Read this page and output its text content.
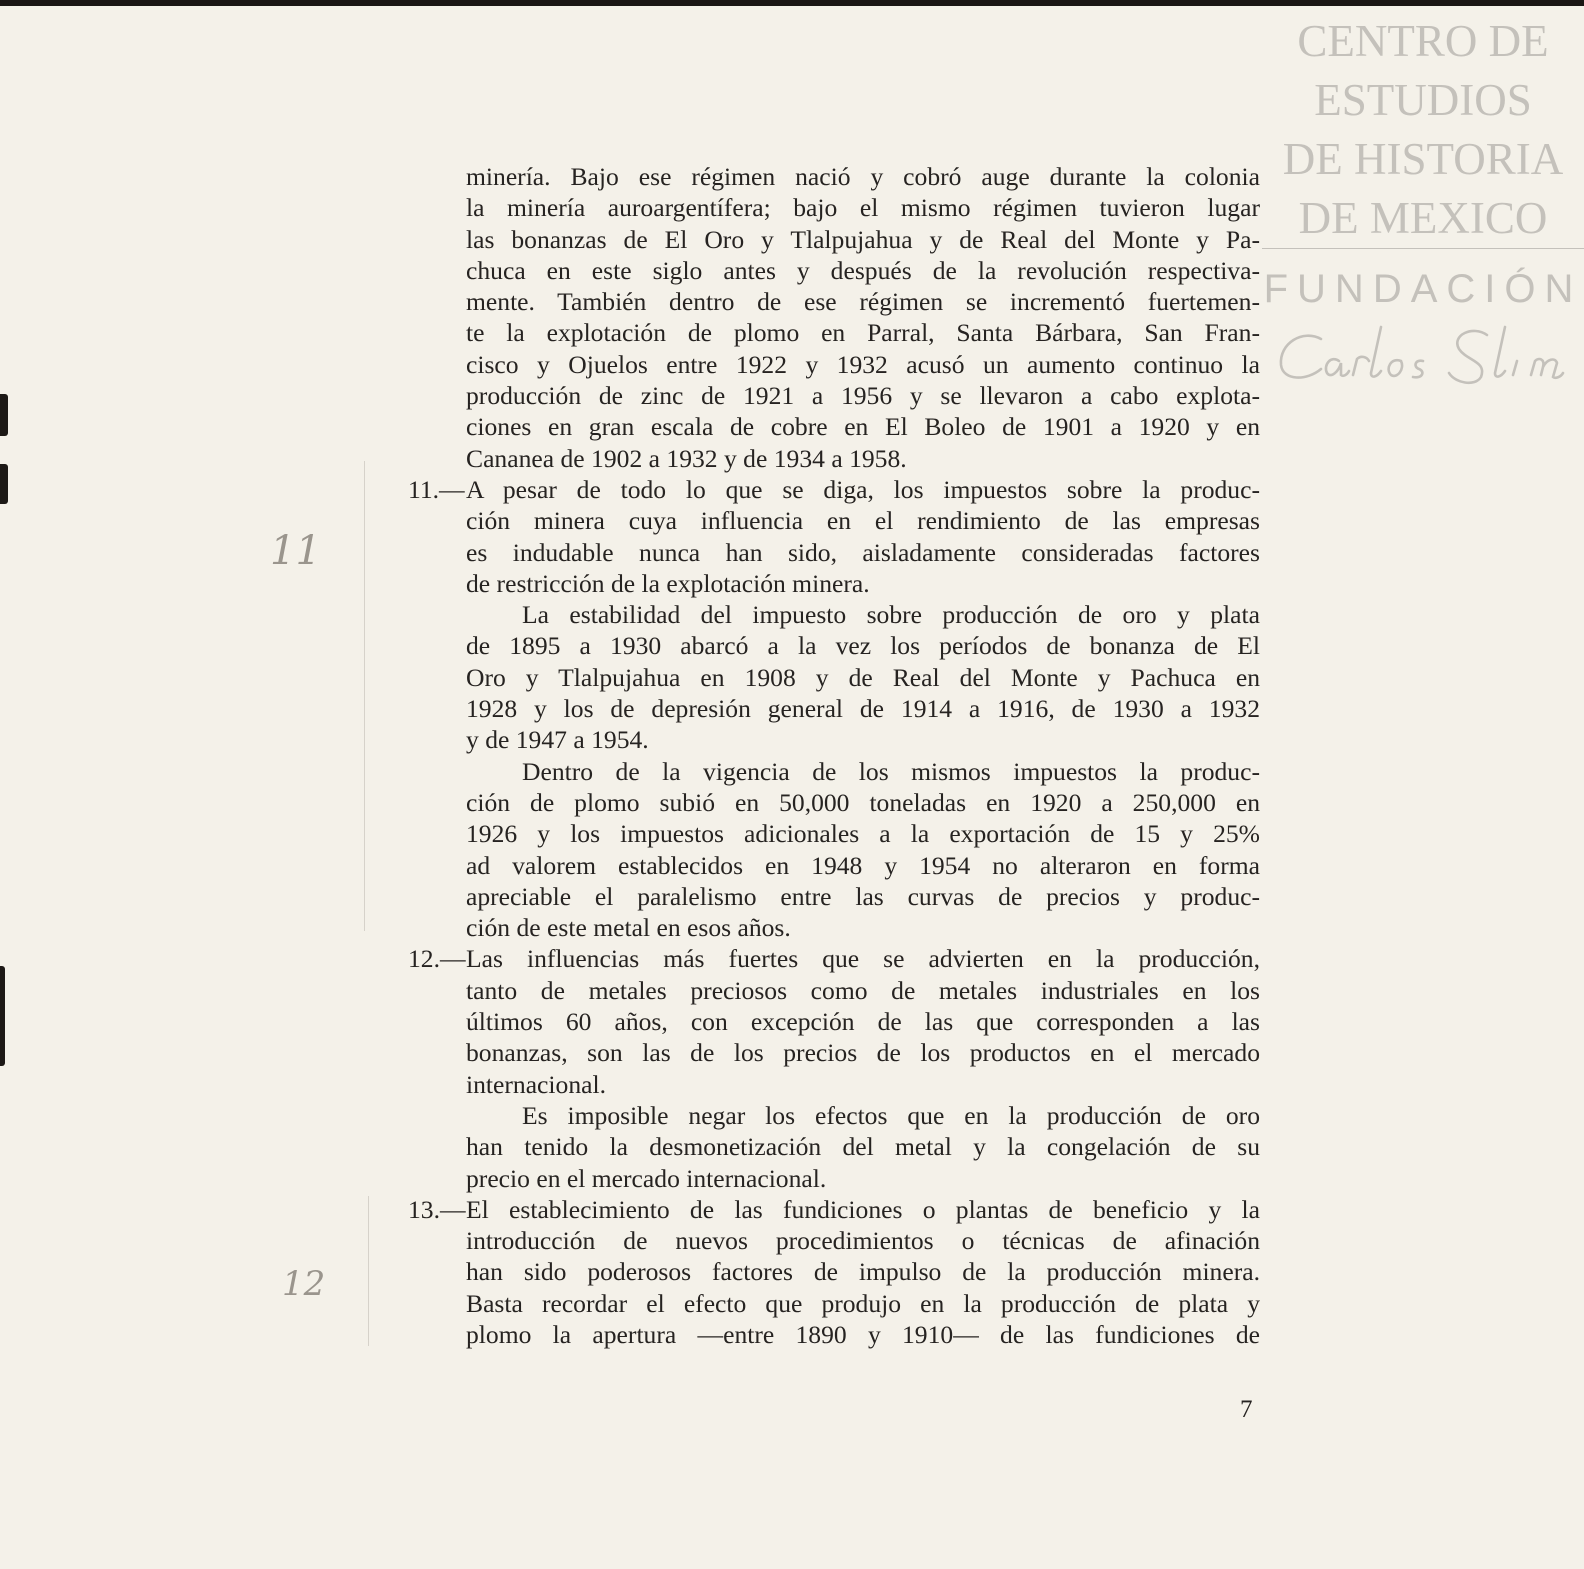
CENTRO DE
ESTUDIOS
DE HISTORIA
DE MEXICO
FUNDACIÓN
11
12

minería. Bajo ese régimen nació y cobró auge durante la colonia

la minería auroargentífera; bajo el mismo régimen tuvieron lugar

las bonanzas de El Oro y Tlalpujahua y de Real del Monte y Pa-

chuca en este siglo antes y después de la revolución respectiva-

mente. También dentro de ese régimen se incrementó fuertemen-

te la explotación de plomo en Parral, Santa Bárbara, San Fran-

cisco y Ojuelos entre 1922 y 1932 acusó un aumento continuo la

producción de zinc de 1921 a 1956 y se llevaron a cabo explota-

ciones en gran escala de cobre en El Boleo de 1901 a 1920 y en

Cananea de 1902 a 1932 y de 1934 a 1958.

11.—A pesar de todo lo que se diga, los impuestos sobre la produc-

ción minera cuya influencia en el rendimiento de las empresas

es indudable nunca han sido, aisladamente consideradas factores

de restricción de la explotación minera.

La estabilidad del impuesto sobre producción de oro y plata

de 1895 a 1930 abarcó a la vez los períodos de bonanza de El

Oro y Tlalpujahua en 1908 y de Real del Monte y Pachuca en

1928 y los de depresión general de 1914 a 1916, de 1930 a 1932

y de 1947 a 1954.

Dentro de la vigencia de los mismos impuestos la produc-

ción de plomo subió en 50,000 toneladas en 1920 a 250,000 en

1926 y los impuestos adicionales a la exportación de 15 y 25%

ad valorem establecidos en 1948 y 1954 no alteraron en forma

apreciable el paralelismo entre las curvas de precios y produc-

ción de este metal en esos años.

12.—Las influencias más fuertes que se advierten en la producción,

tanto de metales preciosos como de metales industriales en los

últimos 60 años, con excepción de las que corresponden a las

bonanzas, son las de los precios de los productos en el mercado

internacional.

Es imposible negar los efectos que en la producción de oro

han tenido la desmonetización del metal y la congelación de su

precio en el mercado internacional.

13.—El establecimiento de las fundiciones o plantas de beneficio y la

introducción de nuevos procedimientos o técnicas de afinación

han sido poderosos factores de impulso de la producción minera.

Basta recordar el efecto que produjo en la producción de plata y

plomo la apertura —entre 1890 y 1910— de las fundiciones de

7
